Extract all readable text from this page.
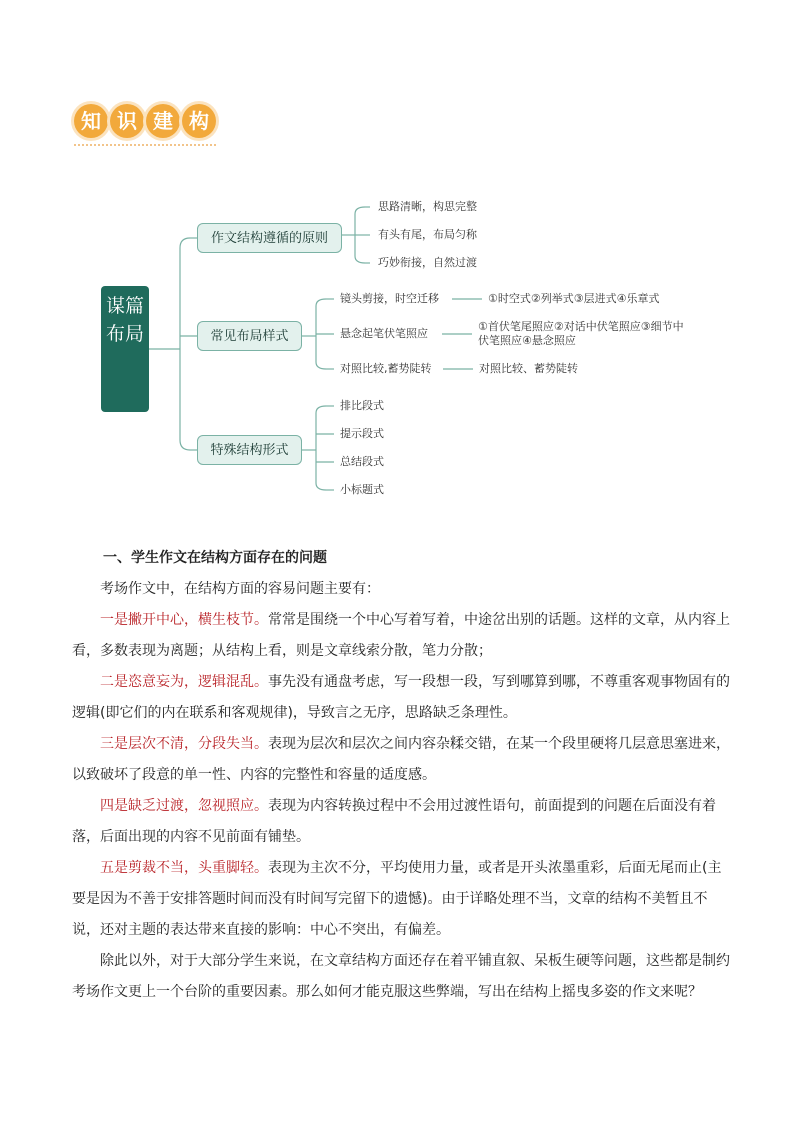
知 识 建 构
谋篇布局
作文结构遵循的原则
常见布局样式
特殊结构形式
思路清晰，构思完整
有头有尾，布局匀称
巧妙衔接，自然过渡
镜头剪接，时空迁移	①时空式②列举式③层进式④乐章式
悬念起笔伏笔照应
①首伏笔尾照应②对话中伏笔照应③细节中伏笔照应④悬念照应
对照比较,蓄势陡转	对照比较、蓄势陡转
排比段式
提示段式
总结段式
小标题式
一、学生作文在结构方面存在的问题

考场作文中，在结构方面的容易问题主要有：

一是撇开中心，横生枝节。常常是围绕一个中心写着写着，中途岔出别的话题。这样的文章，从内容上看，多数表现为离题；从结构上看，则是文章线索分散，笔力分散；

二是恣意妄为，逻辑混乱。事先没有通盘考虑，写一段想一段，写到哪算到哪，不尊重客观事物固有的逻辑(即它们的内在联系和客观规律)，导致言之无序，思路缺乏条理性。

三是层次不清，分段失当。表现为层次和层次之间内容杂糅交错，在某一个段里硬将几层意思塞进来，以致破坏了段意的单一性、内容的完整性和容量的适度感。

四是缺乏过渡，忽视照应。表现为内容转换过程中不会用过渡性语句，前面提到的问题在后面没有着落，后面出现的内容不见前面有铺垫。

五是剪裁不当，头重脚轻。表现为主次不分，平均使用力量，或者是开头浓墨重彩，后面无尾而止(主要是因为不善于安排答题时间而没有时间写完留下的遗憾)。由于详略处理不当，文章的结构不美暂且不说，还对主题的表达带来直接的影响：中心不突出，有偏差。

除此以外，对于大部分学生来说，在文章结构方面还存在着平铺直叙、呆板生硬等问题，这些都是制约考场作文更上一个台阶的重要因素。那么如何才能克服这些弊端，写出在结构上摇曳多姿的作文来呢？
